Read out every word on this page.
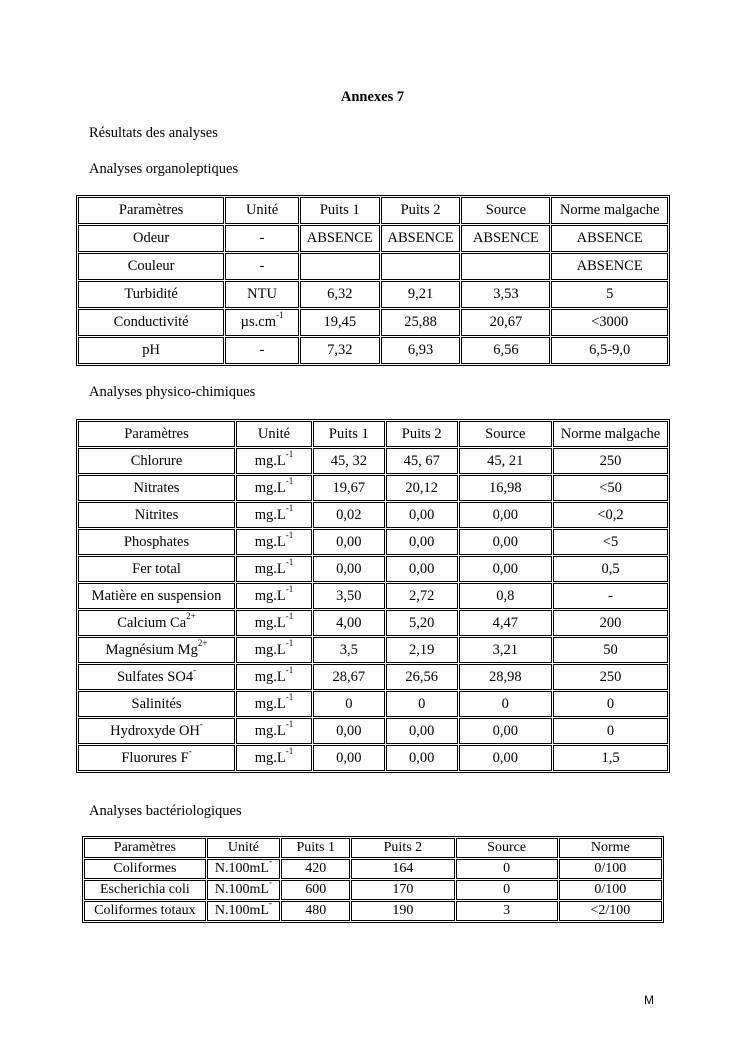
Annexes 7
Résultats des analyses
Analyses organoleptiques
Paramètres	Unité	Puits 1	Puits 2	Source	Norme malgache
Odeur	-	ABSENCE	ABSENCE	ABSENCE	ABSENCE
Couleur	-				ABSENCE
Turbidité	NTU	6,32	9,21	3,53	5
Conductivité	$\mu s.cm^{-1}$	19,45	25,88	20,67	<3000
pH	-	7,32	6,93	6,56	6,5-9,0
Analyses physico-chimiques
Paramètres	Unité	Puits 1	Puits 2	Source	Norme malgache
Chlorure	$mg.L^{-1}$	45, 32	45, 67	45, 21	250
Nitrates	$mg.L^{-1}$	19,67	20,12	16,98	<50
Nitrites	$mg.L^{-1}$	0,02	0,00	0,00	<0,2
Phosphates	$mg.L^{-1}$	0,00	0,00	0,00	<5
Fer total	$mg.L^{-1}$	0,00	0,00	0,00	0,5
Matière en suspension	$mg.L^{-1}$	3,50	2,72	0,8	-
Calcium $Ca^{2+}$	$mg.L^{-1}$	4,00	5,20	4,47	200
Magnésium $Mg^{2+}$	$mg.L^{-1}$	3,5	2,19	3,21	50
Sulfates SO4-	$mg.L^{-1}$	28,67	26,56	28,98	250
Salinités	$mg.L^{-1}$	0	0	0	0
Hydroxyde OH-	$mg.L^{-1}$	0,00	0,00	0,00	0
Fluorures F-	$mg.L^{-1}$	0,00	0,00	0,00	1,5
Analyses bactériologiques
Paramètres	Unité	Puits 1	Puits 2	Source	Norme
Coliformes	N.100mL-	420	164	0	0/100
Escherichia coli	N.100mL-	600	170	0	0/100
Coliformes totaux	N.100mL-	480	190	3	<2/100
M
